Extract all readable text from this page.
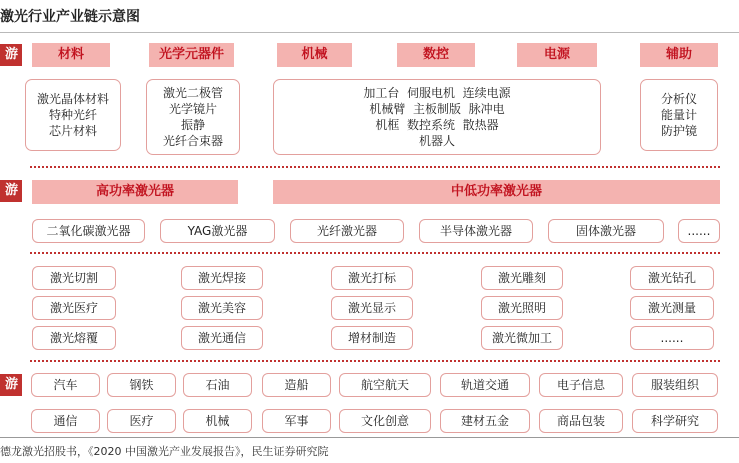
激光行业产业链示意图
游
游
游
材料	光学元器件	机械	数控	电源	辅助
激光晶体材料
特种光纤
芯片材料
激光二极管
光学镜片
振静
光纤合束器
加工台  伺服电机  连续电源
机械臂  主板制版  脉冲电
机框  数控系统  散热器
机器人
分析仪
能量计
防护镜
高功率激光器	中低功率激光器
二氧化碳激光器	YAG激光器	光纤激光器	半导体激光器	固体激光器	......
激光切割	激光焊接	激光打标	激光雕刻	激光钻孔
激光医疗	激光美容	激光显示	激光照明	激光测量
激光熔覆	激光通信	增材制造	激光微加工	......
汽车	钢铁	石油	造船	航空航天	轨道交通	电子信息	服装组织
通信	医疗	机械	军事	文化创意	建材五金	商品包装	科学研究
德龙激光招股书，《2020 中国激光产业发展报告》，民生证券研究院
